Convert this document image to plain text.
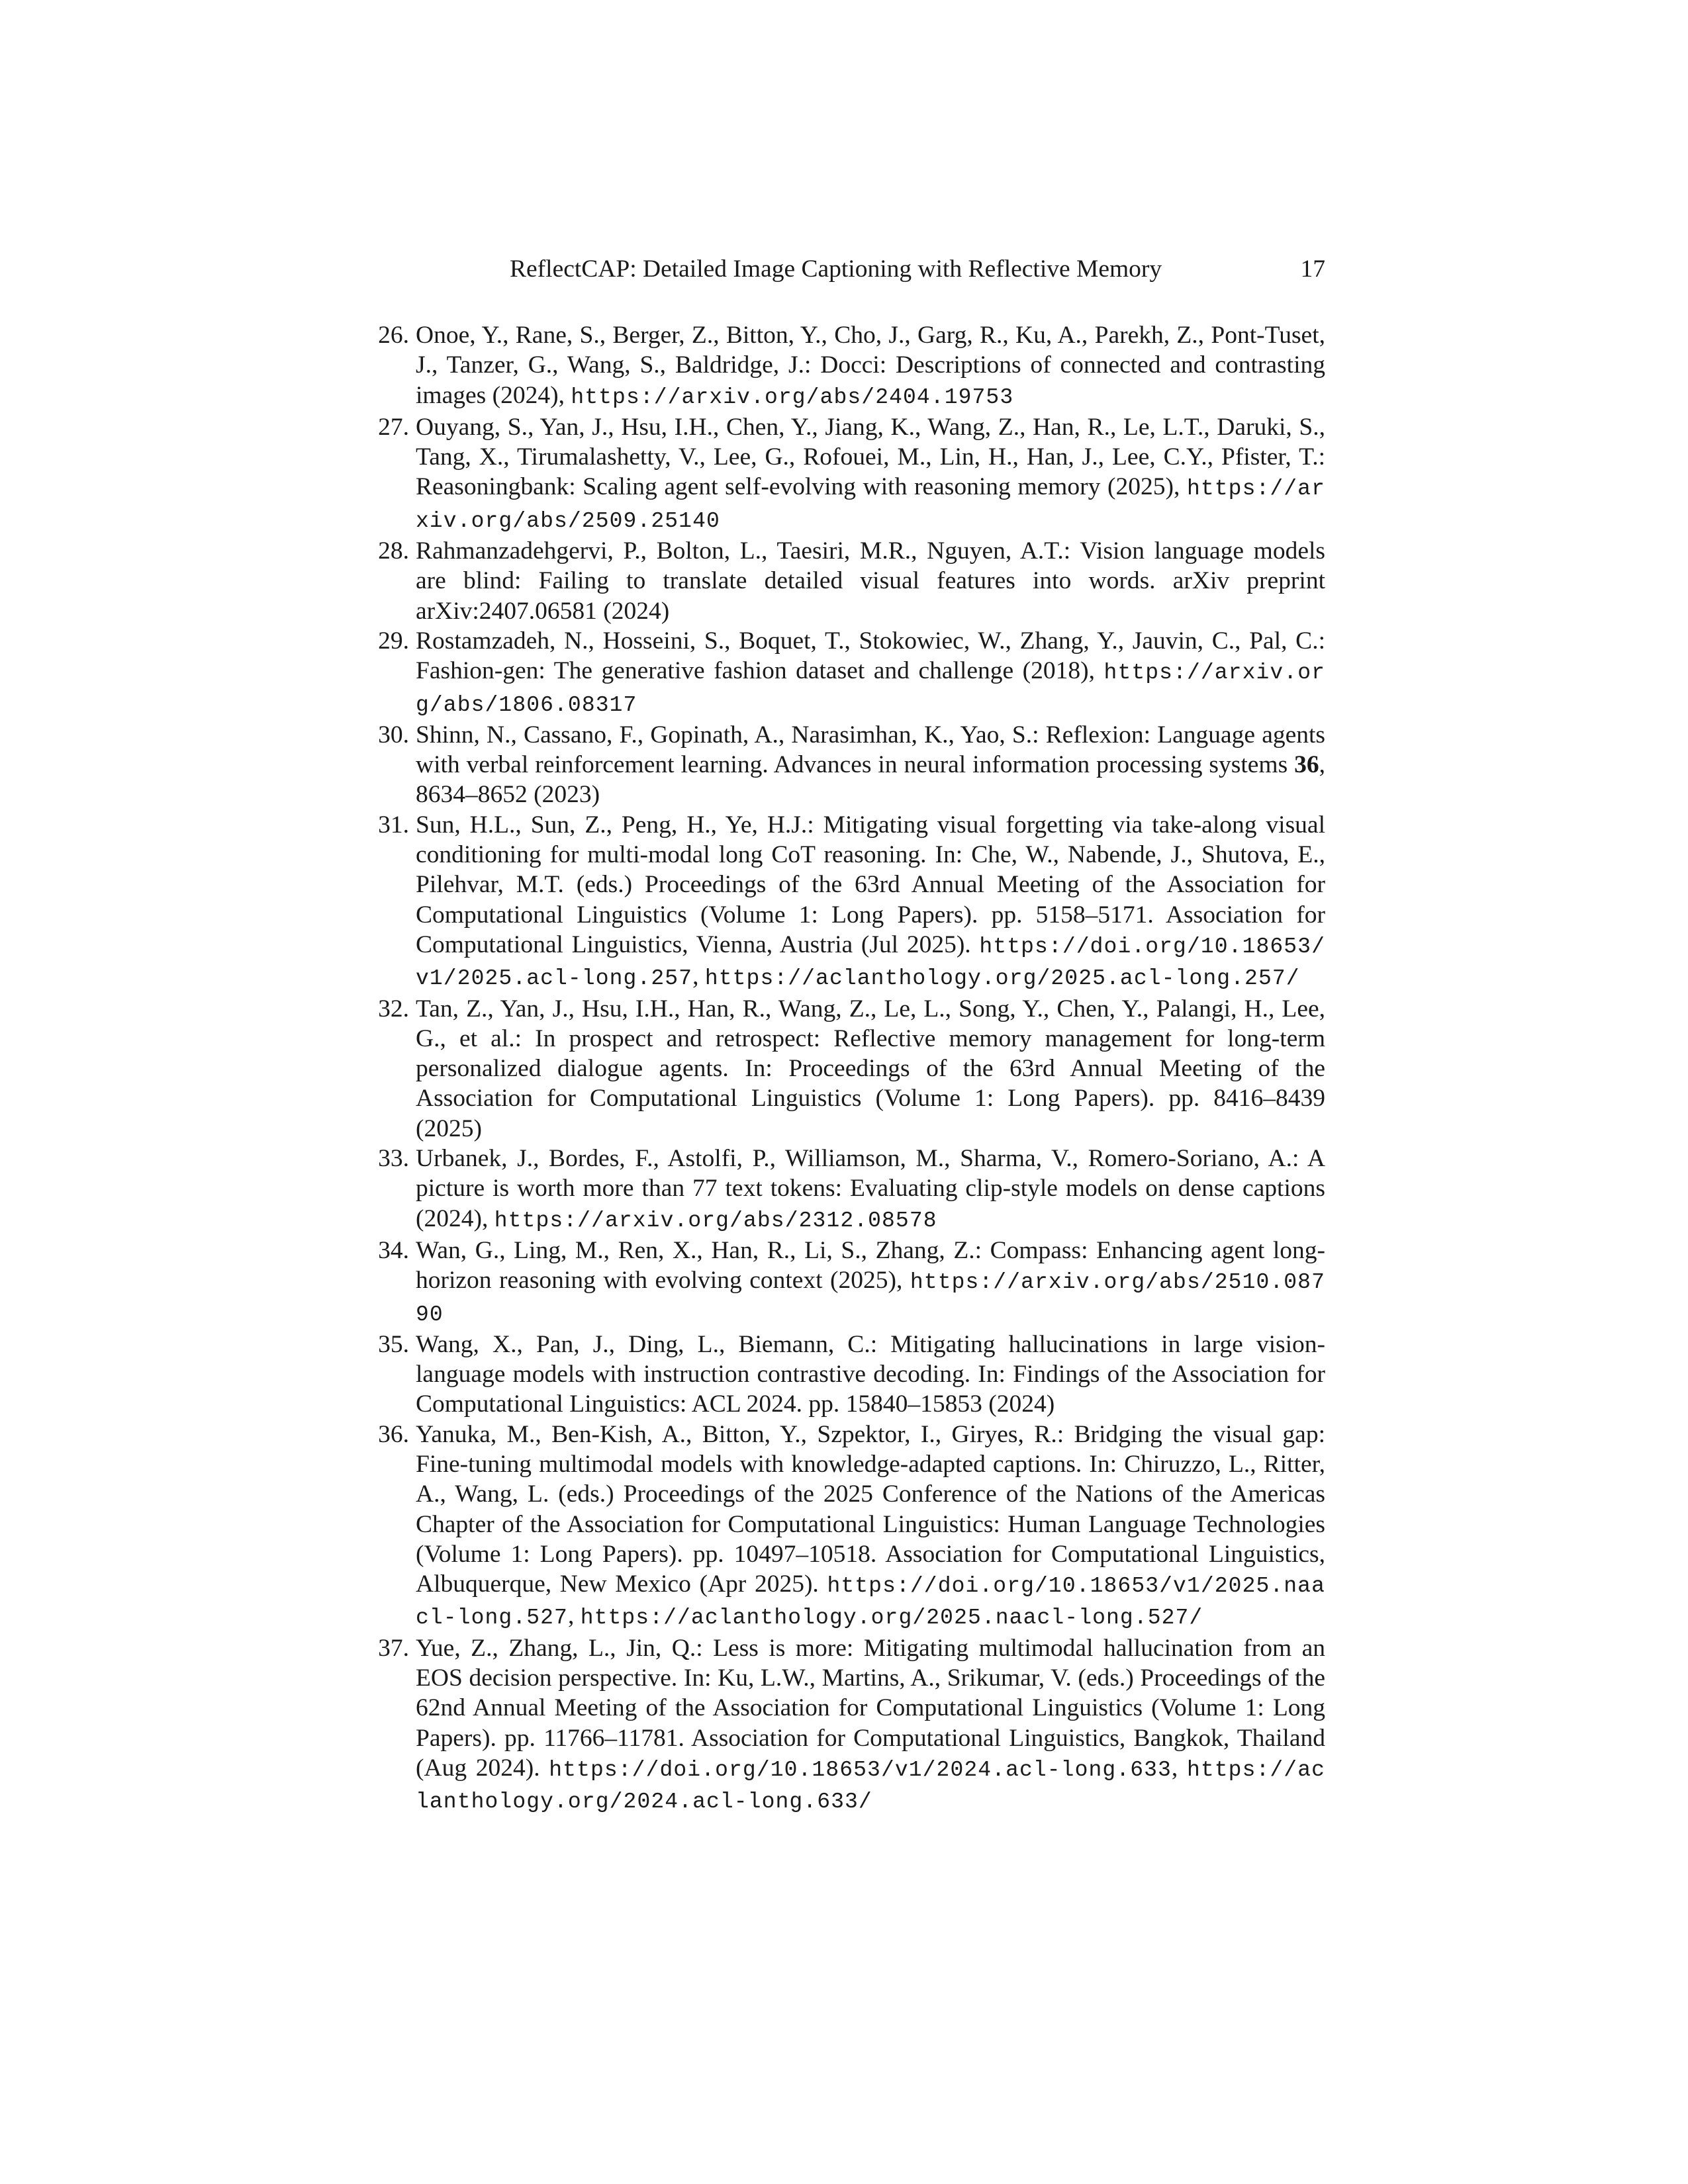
ReflectCAP: Detailed Image Captioning with Reflective Memory	17
26. Onoe, Y., Rane, S., Berger, Z., Bitton, Y., Cho, J., Garg, R., Ku, A., Parekh, Z., Pont-Tuset, J., Tanzer, G., Wang, S., Baldridge, J.: Docci: Descriptions of connected and contrasting images (2024), https://arxiv.org/abs/2404.19753
27. Ouyang, S., Yan, J., Hsu, I.H., Chen, Y., Jiang, K., Wang, Z., Han, R., Le, L.T., Daruki, S., Tang, X., Tirumalashetty, V., Lee, G., Rofouei, M., Lin, H., Han, J., Lee, C.Y., Pfister, T.: Reasoningbank: Scaling agent self-evolving with reasoning memory (2025), https://arxiv.org/abs/2509.25140
28. Rahmanzadehgervi, P., Bolton, L., Taesiri, M.R., Nguyen, A.T.: Vision language models are blind: Failing to translate detailed visual features into words. arXiv preprint arXiv:2407.06581 (2024)
29. Rostamzadeh, N., Hosseini, S., Boquet, T., Stokowiec, W., Zhang, Y., Jauvin, C., Pal, C.: Fashion-gen: The generative fashion dataset and challenge (2018), https://arxiv.org/abs/1806.08317
30. Shinn, N., Cassano, F., Gopinath, A., Narasimhan, K., Yao, S.: Reflexion: Language agents with verbal reinforcement learning. Advances in neural information processing systems 36, 8634–8652 (2023)
31. Sun, H.L., Sun, Z., Peng, H., Ye, H.J.: Mitigating visual forgetting via take-along visual conditioning for multi-modal long CoT reasoning. In: Che, W., Nabende, J., Shutova, E., Pilehvar, M.T. (eds.) Proceedings of the 63rd Annual Meeting of the Association for Computational Linguistics (Volume 1: Long Papers). pp. 5158–5171. Association for Computational Linguistics, Vienna, Austria (Jul 2025). https://doi.org/10.18653/v1/2025.acl-long.257, https://aclanthology.org/2025.acl-long.257/
32. Tan, Z., Yan, J., Hsu, I.H., Han, R., Wang, Z., Le, L., Song, Y., Chen, Y., Palangi, H., Lee, G., et al.: In prospect and retrospect: Reflective memory management for long-term personalized dialogue agents. In: Proceedings of the 63rd Annual Meeting of the Association for Computational Linguistics (Volume 1: Long Papers). pp. 8416–8439 (2025)
33. Urbanek, J., Bordes, F., Astolfi, P., Williamson, M., Sharma, V., Romero-Soriano, A.: A picture is worth more than 77 text tokens: Evaluating clip-style models on dense captions (2024), https://arxiv.org/abs/2312.08578
34. Wan, G., Ling, M., Ren, X., Han, R., Li, S., Zhang, Z.: Compass: Enhancing agent long-horizon reasoning with evolving context (2025), https://arxiv.org/abs/2510.08790
35. Wang, X., Pan, J., Ding, L., Biemann, C.: Mitigating hallucinations in large vision-language models with instruction contrastive decoding. In: Findings of the Association for Computational Linguistics: ACL 2024. pp. 15840–15853 (2024)
36. Yanuka, M., Ben-Kish, A., Bitton, Y., Szpektor, I., Giryes, R.: Bridging the visual gap: Fine-tuning multimodal models with knowledge-adapted captions. In: Chiruzzo, L., Ritter, A., Wang, L. (eds.) Proceedings of the 2025 Conference of the Nations of the Americas Chapter of the Association for Computational Linguistics: Human Language Technologies (Volume 1: Long Papers). pp. 10497–10518. Association for Computational Linguistics, Albuquerque, New Mexico (Apr 2025). https://doi.org/10.18653/v1/2025.naacl-long.527, https://aclanthology.org/2025.naacl-long.527/
37. Yue, Z., Zhang, L., Jin, Q.: Less is more: Mitigating multimodal hallucination from an EOS decision perspective. In: Ku, L.W., Martins, A., Srikumar, V. (eds.) Proceedings of the 62nd Annual Meeting of the Association for Computational Linguistics (Volume 1: Long Papers). pp. 11766–11781. Association for Computational Linguistics, Bangkok, Thailand (Aug 2024). https://doi.org/10.18653/v1/2024.acl-long.633, https://aclanthology.org/2024.acl-long.633/
